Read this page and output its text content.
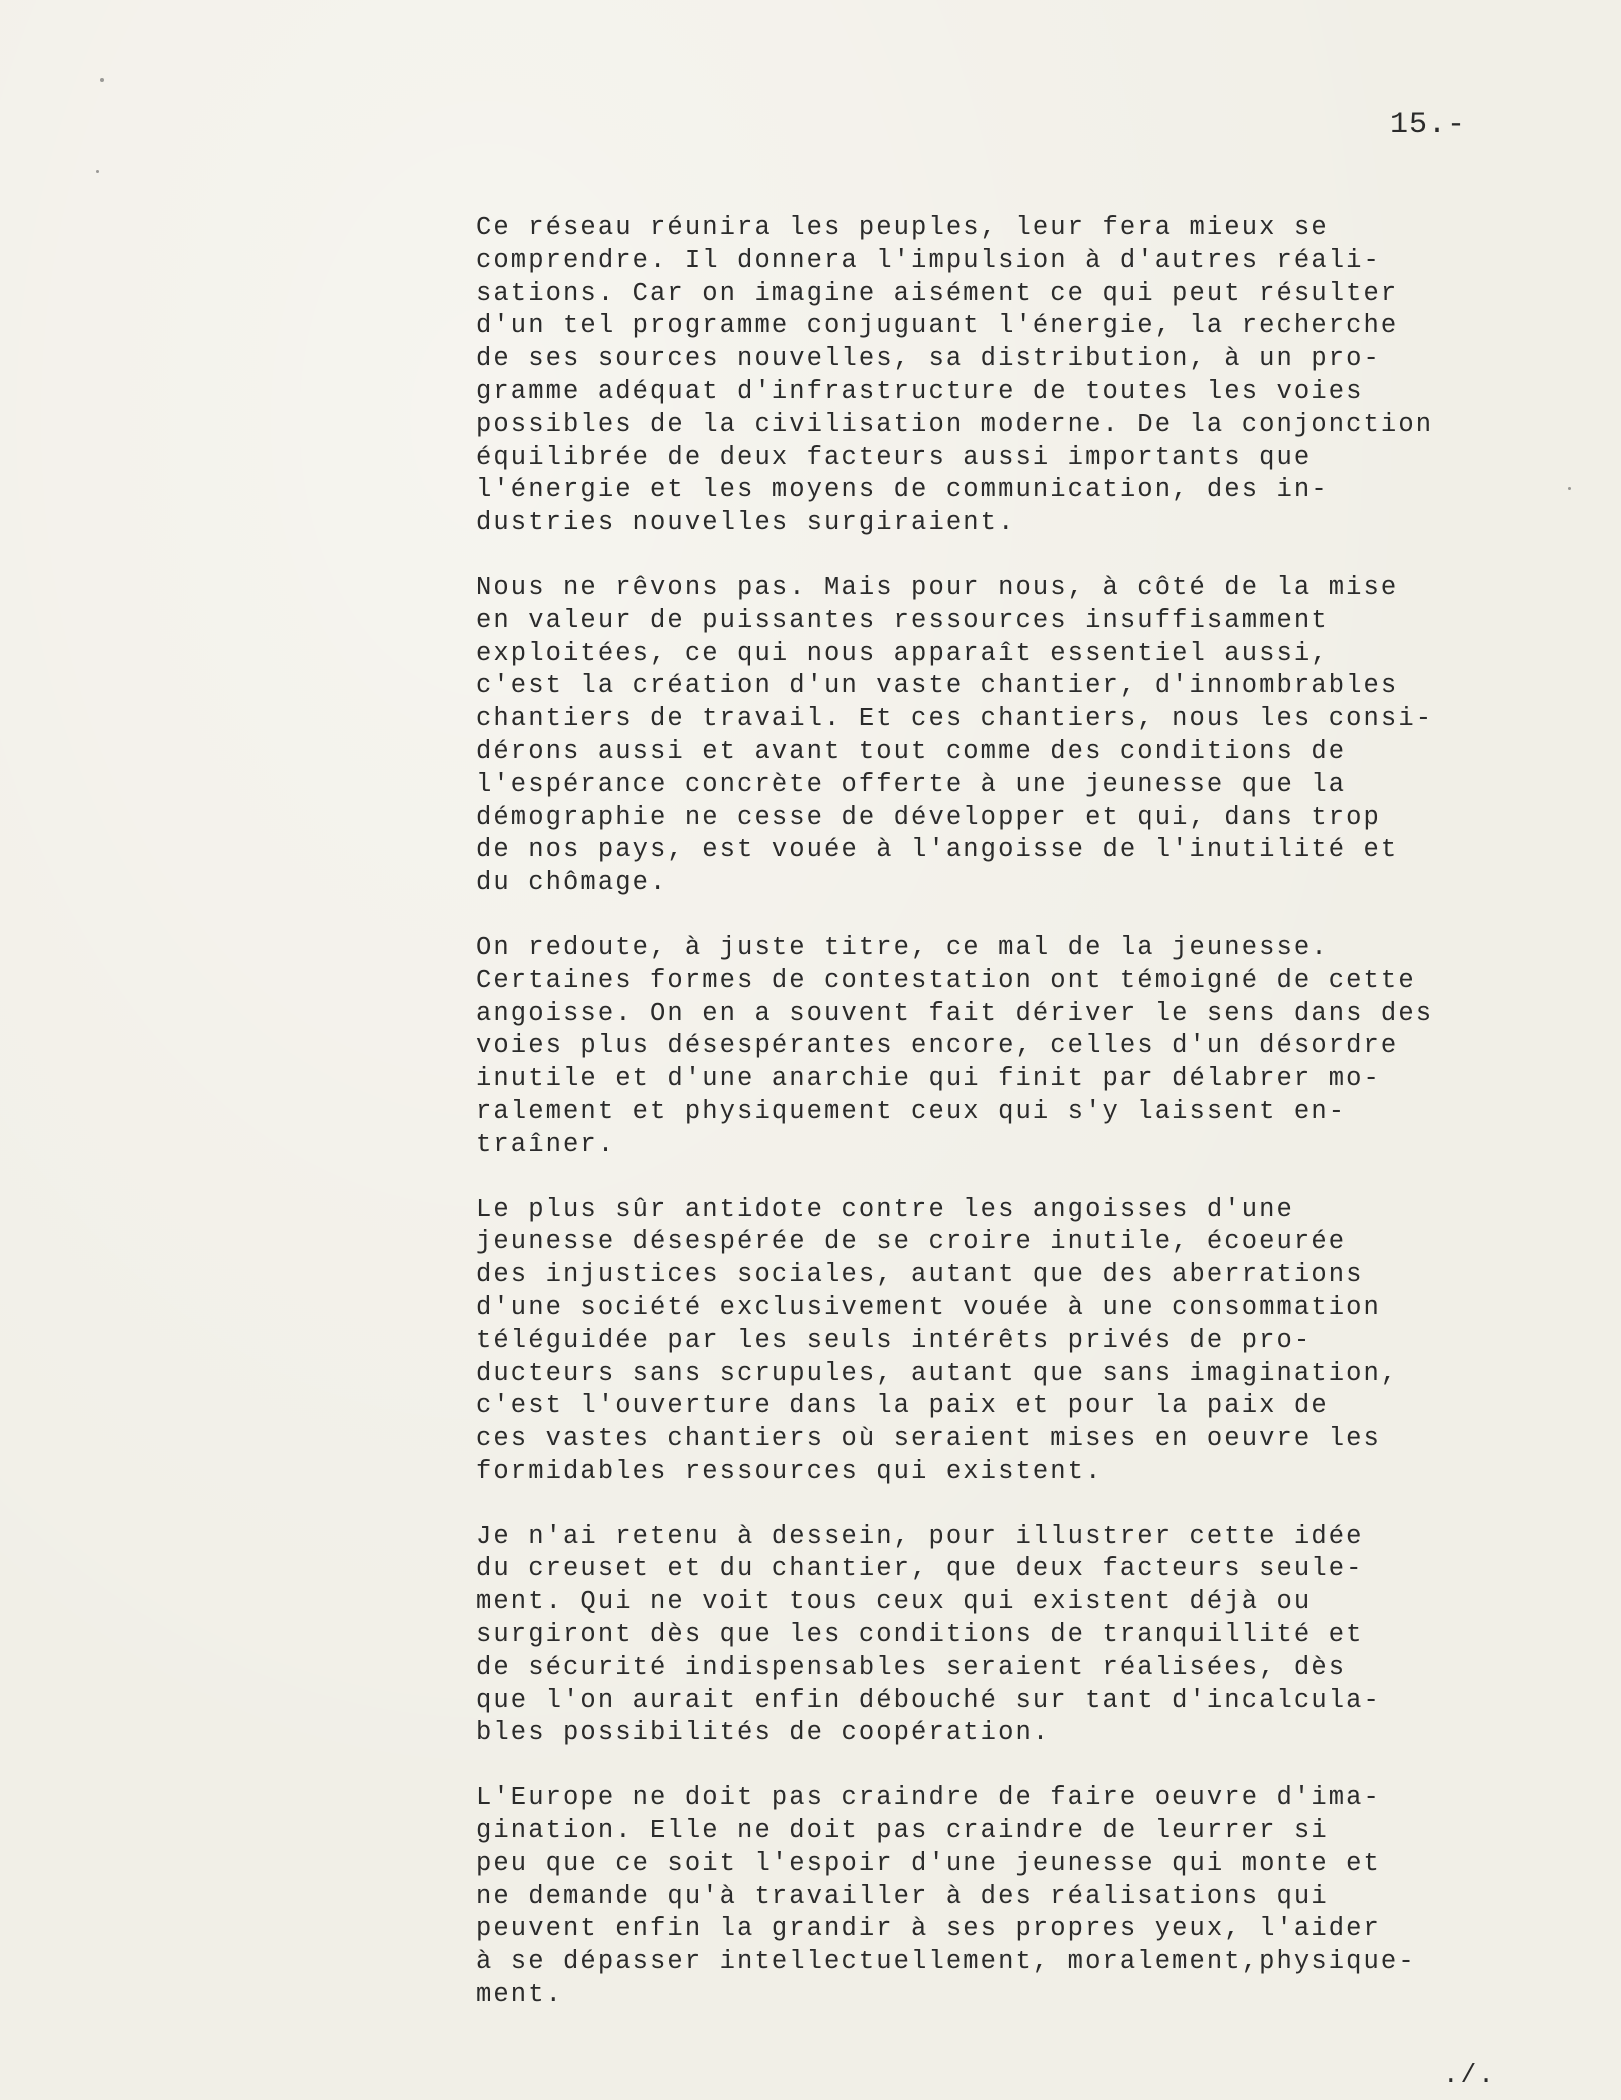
15.-
Ce réseau réunira les peuples, leur fera mieux se
comprendre. Il donnera l'impulsion à d'autres réali-
sations. Car on imagine aisément ce qui peut résulter
d'un tel programme conjuguant l'énergie, la recherche
de ses sources nouvelles, sa distribution, à un pro-
gramme adéquat d'infrastructure de toutes les voies
possibles de la civilisation moderne. De la conjonction
équilibrée de deux facteurs aussi importants que
l'énergie et les moyens de communication, des in-
dustries nouvelles surgiraient.
Nous ne rêvons pas. Mais pour nous, à côté de la mise
en valeur de puissantes ressources insuffisamment
exploitées, ce qui nous apparaît essentiel aussi,
c'est la création d'un vaste chantier, d'innombrables
chantiers de travail. Et ces chantiers, nous les consi-
dérons aussi et avant tout comme des conditions de
l'espérance concrète offerte à une jeunesse que la
démographie ne cesse de développer et qui, dans trop
de nos pays, est vouée à l'angoisse de l'inutilité et
du chômage.
On redoute, à juste titre, ce mal de la jeunesse.
Certaines formes de contestation ont témoigné de cette
angoisse. On en a souvent fait dériver le sens dans des
voies plus désespérantes encore, celles d'un désordre
inutile et d'une anarchie qui finit par délabrer mo-
ralement et physiquement ceux qui s'y laissent en-
traîner.
Le plus sûr antidote contre les angoisses d'une
jeunesse désespérée de se croire inutile, écoeurée
des injustices sociales, autant que des aberrations
d'une société exclusivement vouée à une consommation
téléguidée par les seuls intérêts privés de pro-
ducteurs sans scrupules, autant que sans imagination,
c'est l'ouverture dans la paix et pour la paix de
ces vastes chantiers où seraient mises en oeuvre les
formidables ressources qui existent.
Je n'ai retenu à dessein, pour illustrer cette idée
du creuset et du chantier, que deux facteurs seule-
ment. Qui ne voit tous ceux qui existent déjà ou
surgiront dès que les conditions de tranquillité et
de sécurité indispensables seraient réalisées, dès
que l'on aurait enfin débouché sur tant d'incalcula-
bles possibilités de coopération.
L'Europe ne doit pas craindre de faire oeuvre d'ima-
gination. Elle ne doit pas craindre de leurrer si
peu que ce soit l'espoir d'une jeunesse qui monte et
ne demande qu'à travailler à des réalisations qui
peuvent enfin la grandir à ses propres yeux, l'aider
à se dépasser intellectuellement, moralement,physique-
ment.
./.
